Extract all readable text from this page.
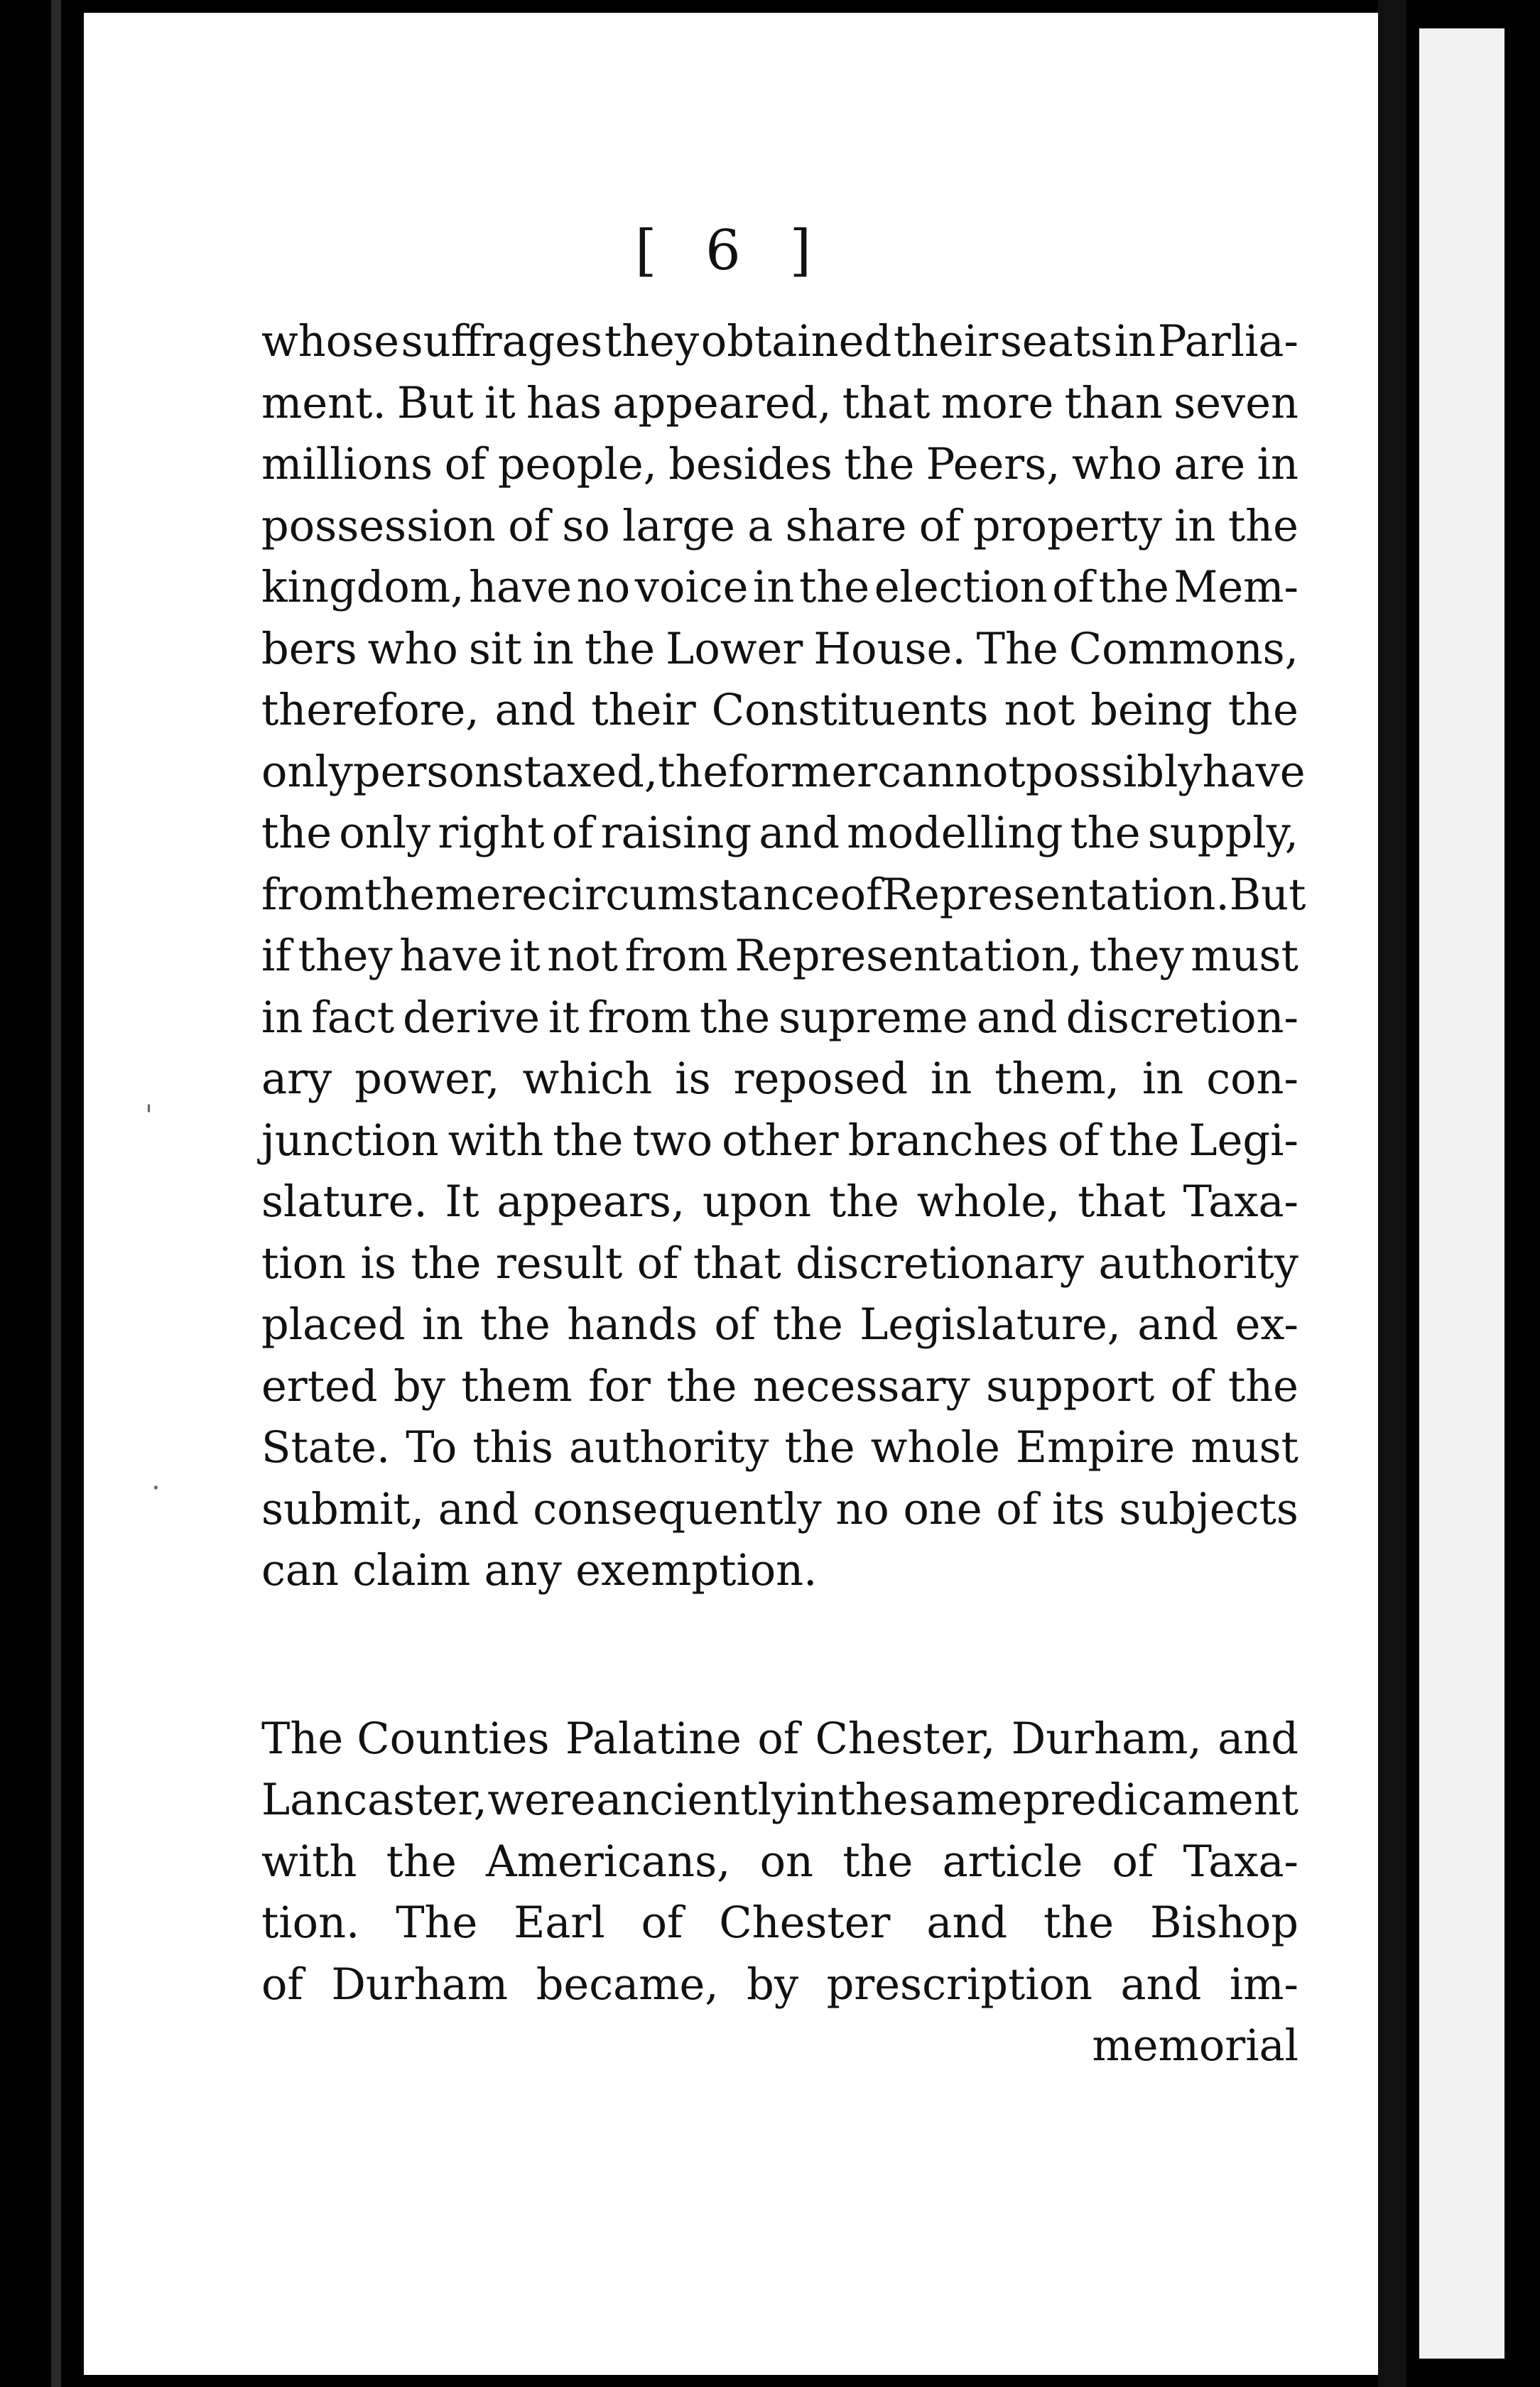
[ 6 ]
whose suffrages they obtained their seats in Parlia-
ment. But it has appeared, that more than seven
millions of people, besides the Peers, who are in
possession of so large a share of property in the
kingdom, have no voice in the election of the Mem-
bers who sit in the Lower House. The Commons,
therefore, and their Constituents not being the
only persons taxed, the former cannot possibly have
the only right of raising and modelling the supply,
from the mere circumstance of Representation. But
if they have it not from Representation, they must
in fact derive it from the supreme and discretion-
ary power, which is reposed in them, in con-
junction with the two other branches of the Legi-
slature. It appears, upon the whole, that Taxa-
tion is the result of that discretionary authority
placed in the hands of the Legislature, and ex-
erted by them for the necessary support of the
State. To this authority the whole Empire must
submit, and consequently no one of its subjects
can claim any exemption.
The Counties Palatine of Chester, Durham, and
Lancaster, were anciently in the same predicament
with the Americans, on the article of Taxa-
tion. The Earl of Chester and the Bishop
of Durham became, by prescription and im-
memorial
.
'
